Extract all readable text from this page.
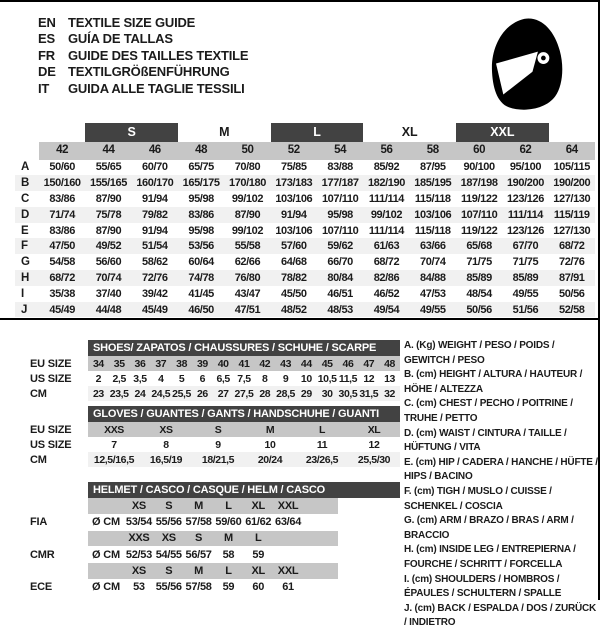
EN TEXTILE SIZE GUIDE
ES	GUÍA DE TALLAS
FR	GUIDE DES TAILLES TEXTILE
DE TEXTILGRÖßENFÜHRUNG
IT	GUIDA ALLE TAGLIE TESSILI
S	M	L	XL	XXL
42	44	46	48	50	52	54	56	58	60	62	64
A	50/60	55/65	60/70	65/75	70/80	75/85	83/88	85/92	87/95	90/100	95/100	105/115
B	150/160 155/165 160/170 165/175 170/180 173/183 177/187 182/190 185/195 187/198 190/200 190/200
C	83/86	87/90	91/94	95/98	99/102	103/106 107/110 111/114 115/118 119/122 123/126 127/130
D	71/74	75/78	79/82	83/86	87/90	91/94	95/98	99/102	103/106 107/110 111/114 115/119
E	83/86	87/90	91/94	95/98	99/102	103/106 107/110 111/114 115/118 119/122 123/126 127/130
F	47/50	49/52	51/54	53/56	55/58	57/60	59/62	61/63	63/66	65/68	67/70	68/72
G	54/58	56/60	58/62	60/64	62/66	64/68	66/70	68/72	70/74	71/75	71/75	72/76
H	68/72	70/74	72/76	74/78	76/80	78/82	80/84	82/86	84/88	85/89	85/89	87/91
I	35/38	37/40	39/42	41/45	43/47	45/50	46/51	46/52	47/53	48/54	49/55	50/56
J	45/49	44/48	45/49	46/50	47/51	48/52	48/53	49/54	49/55	50/56	51/56	52/58
SHOES/ ZAPATOS / CHAUSSURES / SCHUHE / SCARPE
EU SIZE	34 35 36 37 38 39 40 41 42 43 44 45 46 47 48
US SIZE	2	2,5 3,5	4	5	6	6,5 7,5	8	9	10 10,5 11,5 12 13
CM	23 23,5 24 24,5 25,5 26 27 27,5 28 28,5 29 30 30,5 31,5 32
GLOVES / GUANTES / GANTS / HANDSCHUHE / GUANTI
EU SIZE	XXS	XS	S	M	L	XL
US SIZE	7	8	9	10	11	12
CM	12,5/16,5	16,5/19	18/21,5	20/24	23/26,5	25,5/30
HELMET / CASCO / CASQUE / HELM / CASCO
XS	S	M	L	XL	XXL
FIA	Ø CM 53/54 55/56 57/58 59/60 61/62 63/64
XXS	XS	S	M	L
CMR	Ø CM 52/53 54/55 56/57	58	59
XS	S	M	L	XL	XXL
ECE	Ø CM	53 55/56 57/58	59	60	61
A. (Kg) WEIGHT / PESO / POIDS / GEWITCH / PESO
B. (cm) HEIGHT / ALTURA / HAUTEUR / HÖHE / ALTEZZA
C. (cm) CHEST / PECHO / POITRINE / TRUHE / PETTO
D. (cm) WAIST / CINTURA / TAILLE / HÜFTUNG / VITA
E. (cm) HIP / CADERA / HANCHE / HÜFTE / HIPS / BACINO
F. (cm) TIGH / MUSLO / CUISSE / SCHENKEL / COSCIA
G. (cm) ARM / BRAZO / BRAS / ARM / BRACCIO
H. (cm) INSIDE LEG / ENTREPIERNA / FOURCHE / SCHRITT / FORCELLA
I. (cm) SHOULDERS / HOMBROS / ÉPAULES / SCHULTERN / SPALLE
J. (cm) BACK / ESPALDA / DOS / ZURÜCK / INDIETRO
